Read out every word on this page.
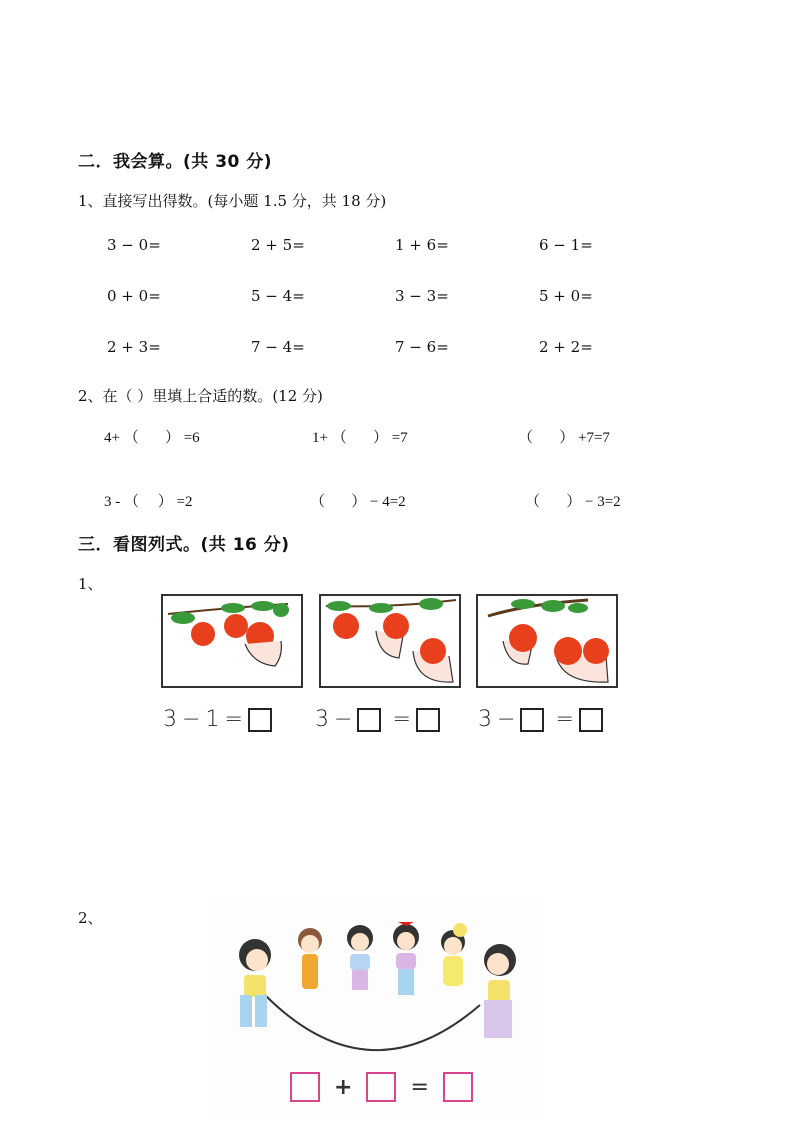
二．我会算。(共 30 分)
1、直接写出得数。(每小题 1.5 分，共 18 分)
3 − 0=	2 + 5=	1 + 6=	6 − 1=
0 + 0=	5 − 4=	3 − 3=	5 + 0=
2 + 3=	7 − 4=	7 − 6=	2 + 2=
2、在（ ）里填上合适的数。(12 分)
4+ （       ） =6	1+ （       ） =7	（       ） +7=7
3 - （     ） =2	（       ） − 4=2	（       ） − 3=2
三．看图列式。(共 16 分)
1、
3 − 1 =	3 − =	3 − =
2、
+	=
